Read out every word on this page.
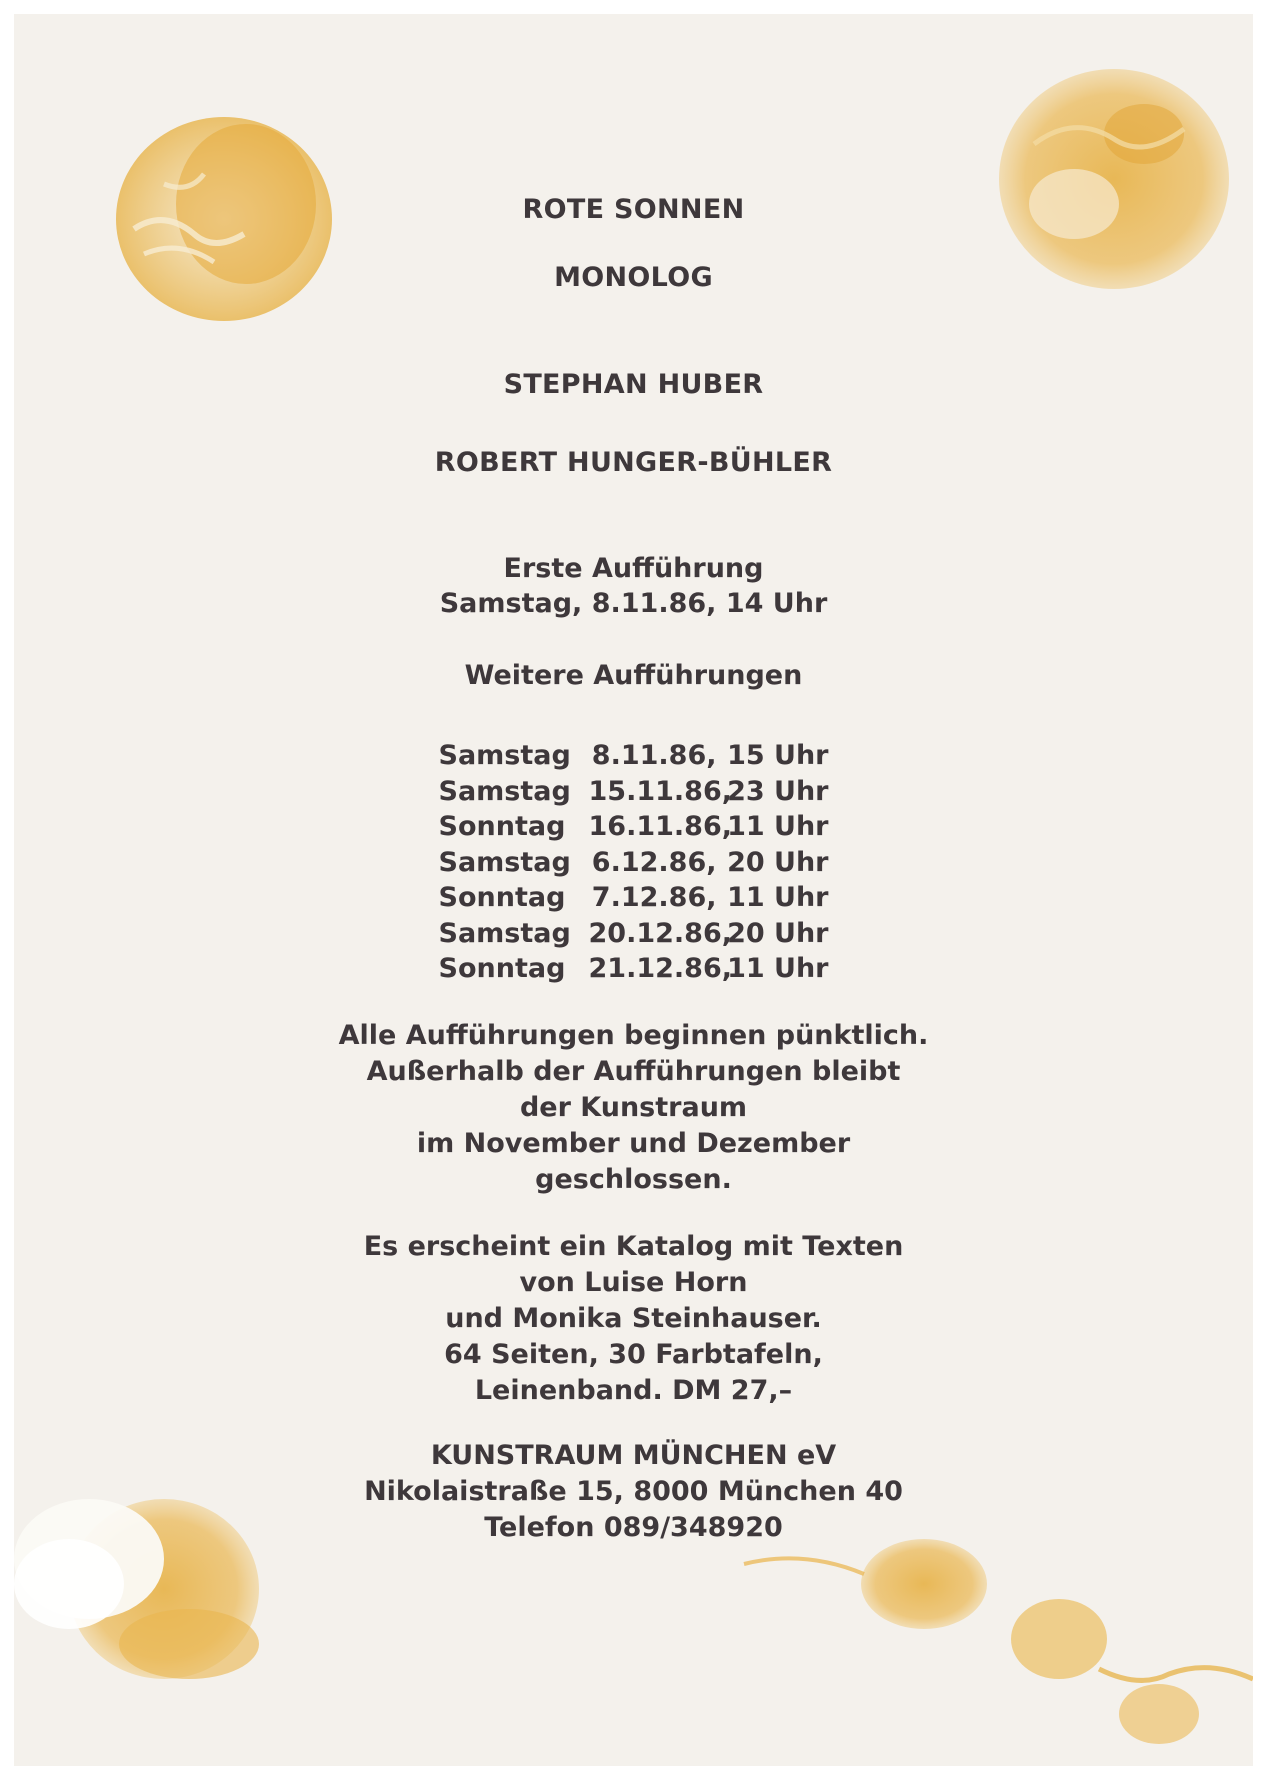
ROTE SONNEN
MONOLOG
STEPHAN HUBER
ROBERT HUNGER-BÜHLER
Erste Aufführung
Samstag, 8.11.86, 14 Uhr
Weitere Aufführungen
Samstag 8.11.86, 15 Uhr
Samstag 15.11.86,
23 Uhr
Sonntag 16.11.86,
11 Uhr
Samstag 6.12.86, 20 Uhr
Sonntag 7.12.86, 11 Uhr
Samstag 20.12.86,
20 Uhr
Sonntag 21.12.86,
11 Uhr
Alle Aufführungen beginnen pünktlich.
Außerhalb der Aufführungen bleibt
der Kunstraum
im November und Dezember
geschlossen.
Es erscheint ein Katalog mit Texten
von Luise Horn
und Monika Steinhauser.
64 Seiten, 30 Farbtafeln,
Leinenband. DM 27,–
KUNSTRAUM MÜNCHEN eV
Nikolaistraße 15, 8000 München 40
Telefon 089/348920
